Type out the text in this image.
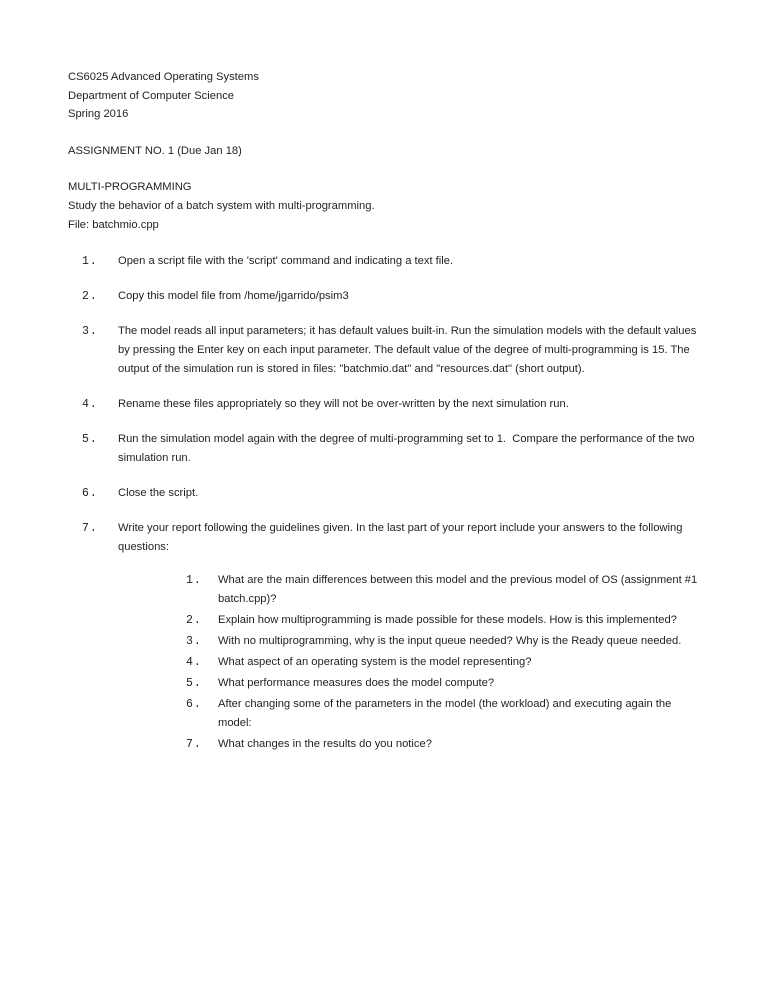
CS6025 Advanced Operating Systems
Department of Computer Science
Spring 2016
ASSIGNMENT NO. 1 (Due Jan 18)
MULTI-PROGRAMMING
Study the behavior of a batch system with multi-programming.
File: batchmio.cpp
1.	Open a script file with the 'script' command and indicating a text file.
2.	Copy this model file from /home/jgarrido/psim3
3.	The model reads all input parameters; it has default values built-in. Run the simulation models with the default values by pressing the Enter key on each input parameter. The default value of the degree of multi-programming is 15. The output of the simulation run is stored in files: "batchmio.dat" and "resources.dat" (short output).
4.	Rename these files appropriately so they will not be over-written by the next simulation run.
5.	Run the simulation model again with the degree of multi-programming set to 1.  Compare the performance of the two simulation run.
6.	Close the script.
7.	Write your report following the guidelines given. In the last part of your report include your answers to the following questions:
1. What are the main differences between this model and the previous model of OS (assignment #1 batch.cpp)?
2. Explain how multiprogramming is made possible for these models. How is this implemented?
3. With no multiprogramming, why is the input queue needed? Why is the Ready queue needed.
4. What aspect of an operating system is the model representing?
5. What performance measures does the model compute?
6. After changing some of the parameters in the model (the workload) and executing again the model:
7. What changes in the results do you notice?
